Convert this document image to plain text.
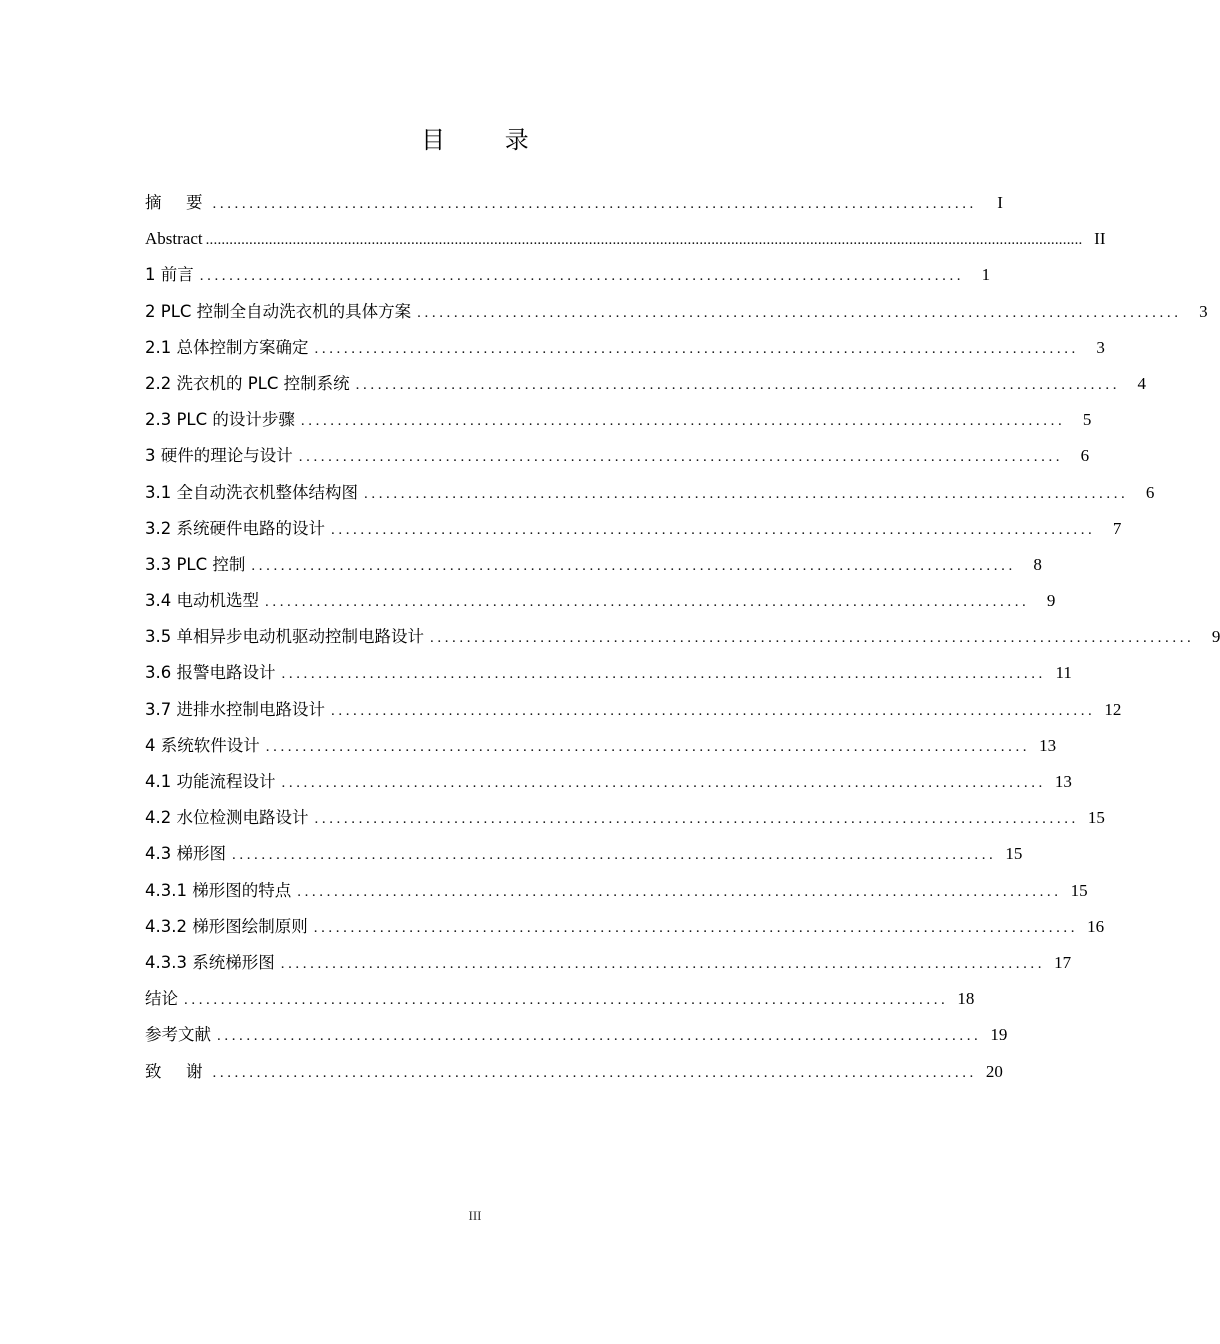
目 录
摘　要 ........................................................................................................	I
Abstract .............................................................................................................................................................................................................................. II
1 前言 ........................................................................................................	1
2 PLC 控制全自动洗衣机的具体方案 ........................................................................................................	3
2.1 总体控制方案确定 ........................................................................................................	3
2.2 洗衣机的 PLC 控制系统 ........................................................................................................	4
2.3 PLC 的设计步骤 ........................................................................................................	5
3 硬件的理论与设计 ........................................................................................................	6
3.1 全自动洗衣机整体结构图 ........................................................................................................	6
3.2 系统硬件电路的设计 ........................................................................................................	7
3.3 PLC 控制 ........................................................................................................	8
3.4 电动机选型 ........................................................................................................	9
3.5 单相异步电动机驱动控制电路设计 ........................................................................................................	9
3.6 报警电路设计 ........................................................................................................ 11
3.7 进排水控制电路设计 ........................................................................................................ 12
4 系统软件设计 ........................................................................................................ 13
4.1 功能流程设计 ........................................................................................................ 13
4.2 水位检测电路设计 ........................................................................................................ 15
4.3 梯形图 ........................................................................................................ 15
4.3.1 梯形图的特点 ........................................................................................................ 15
4.3.2 梯形图绘制原则 ........................................................................................................ 16
4.3.3 系统梯形图 ........................................................................................................ 17
结论 ........................................................................................................ 18
参考文献 ........................................................................................................ 19
致　谢 ........................................................................................................ 20
III
